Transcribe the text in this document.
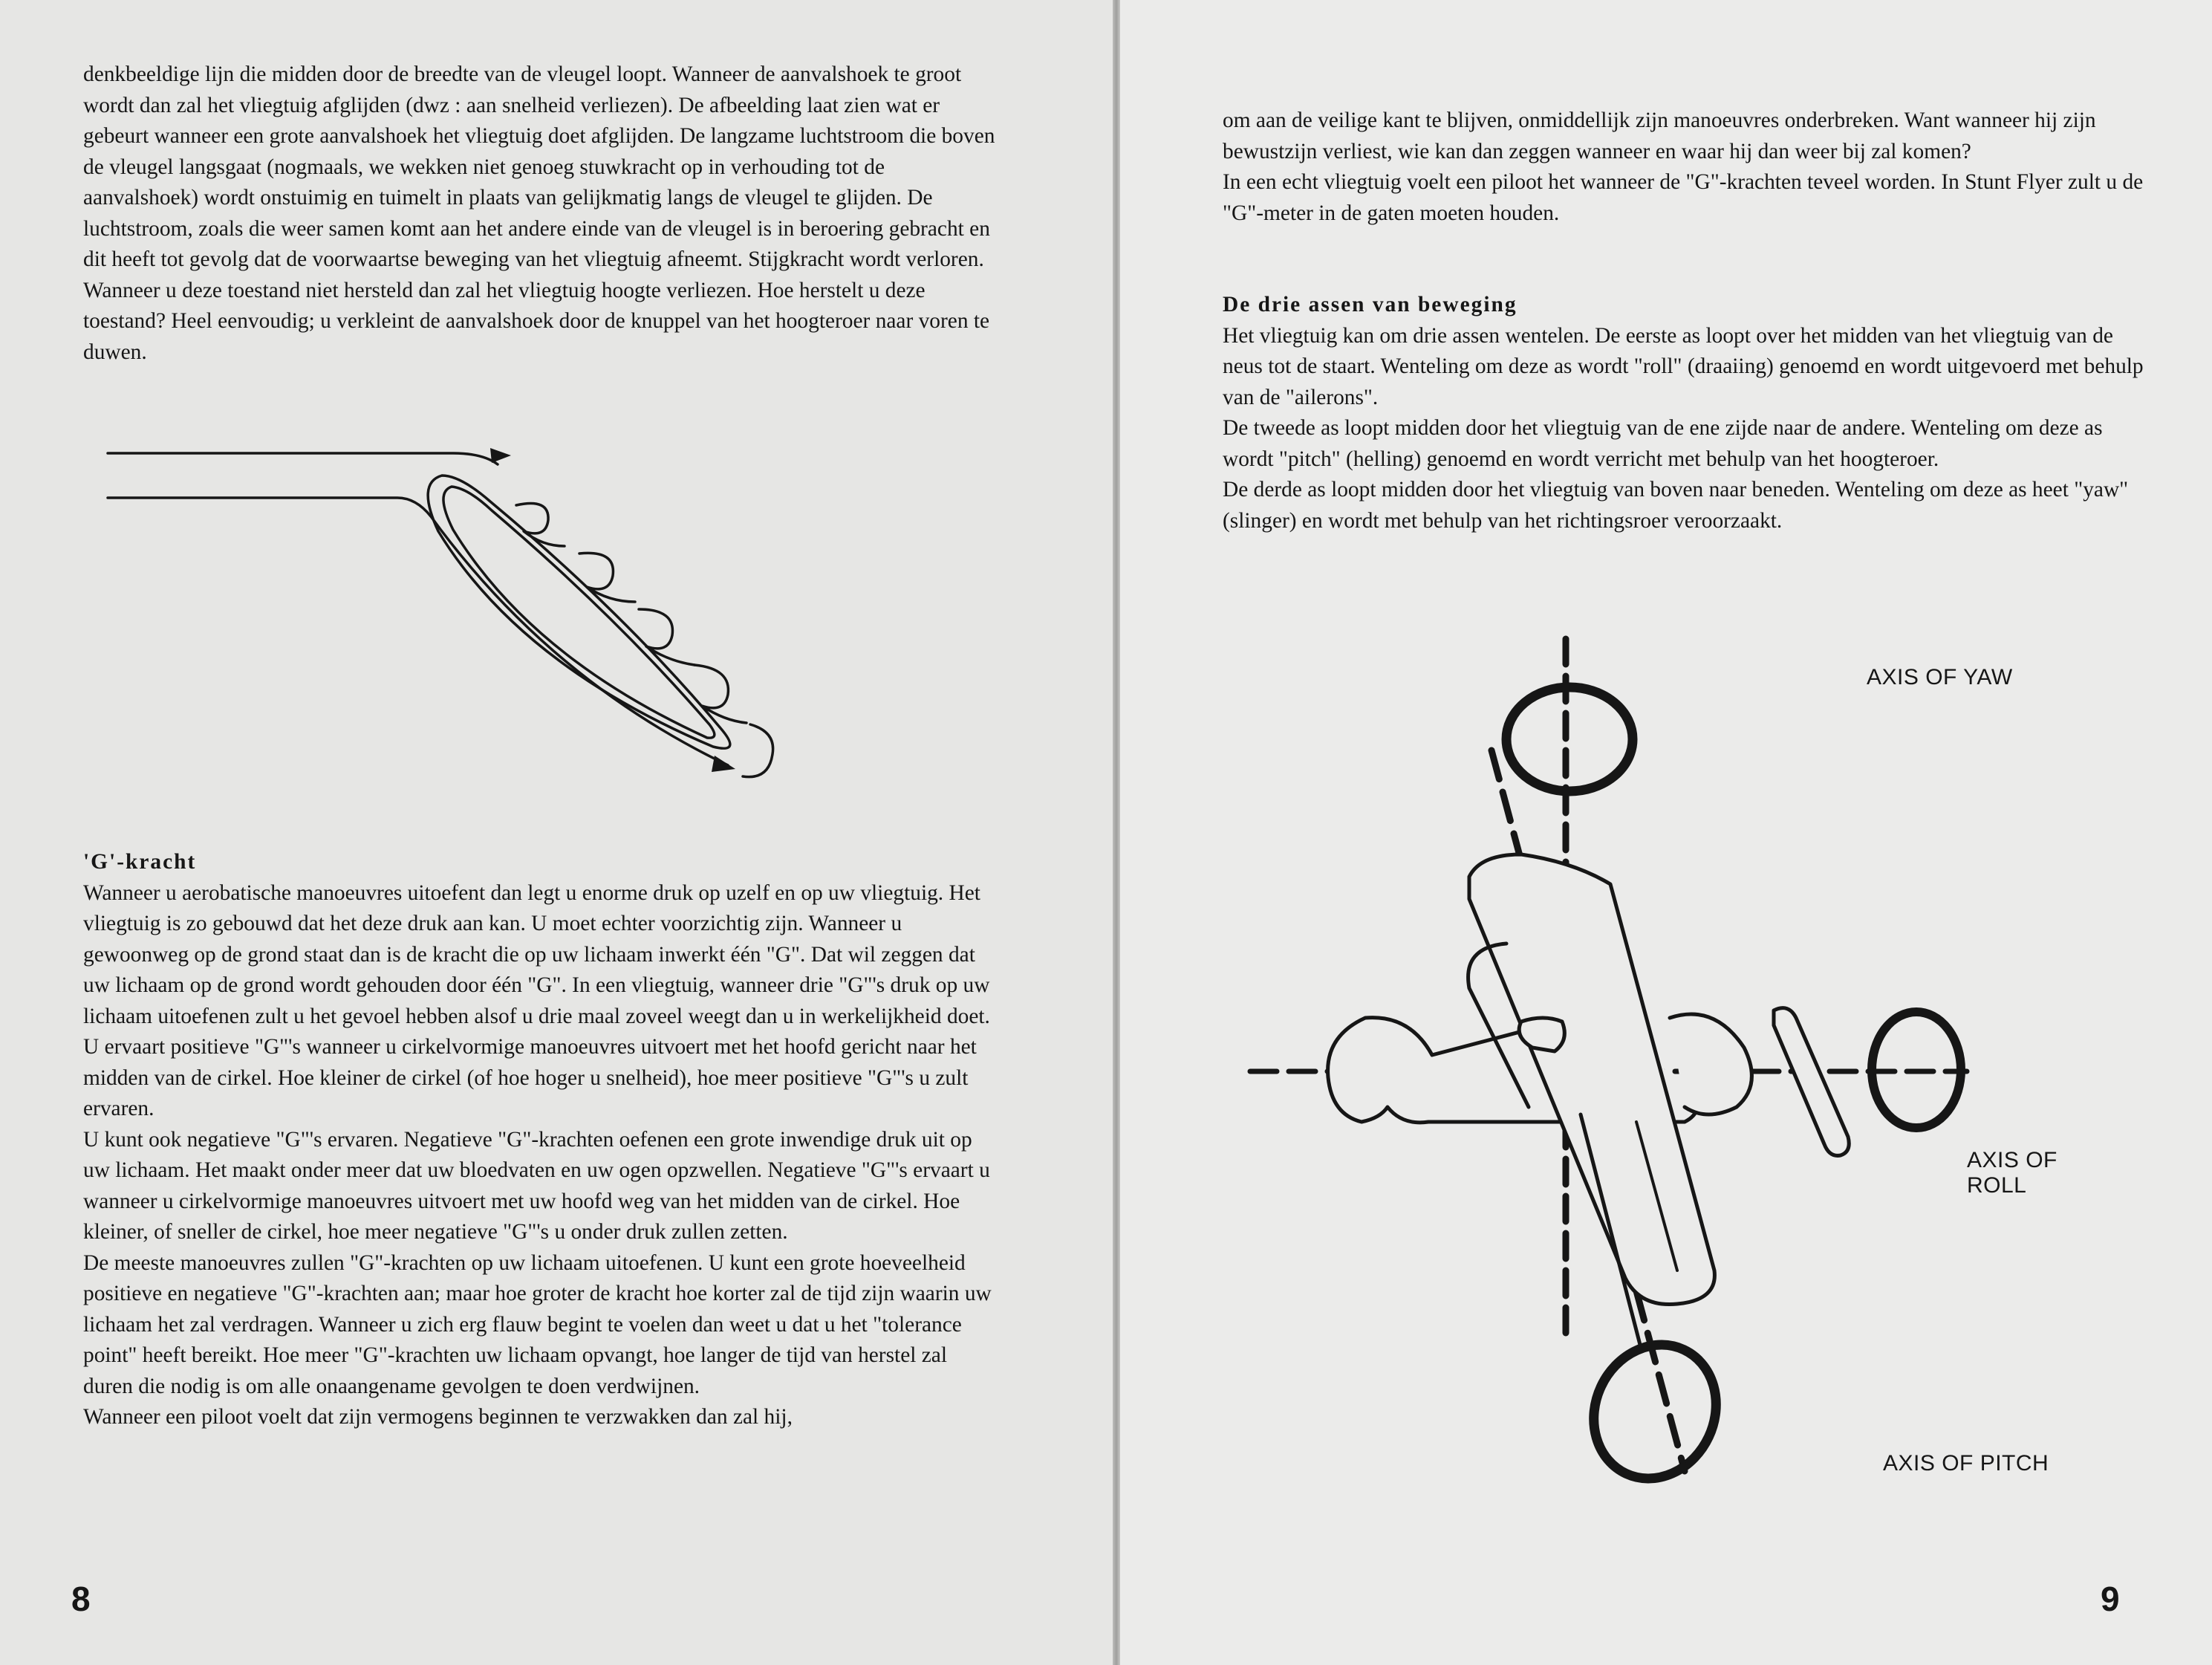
denkbeeldige lijn die midden door de breedte van de vleugel loopt. Wanneer de aanvalshoek te groot wordt dan zal het vliegtuig afglijden (dwz : aan snelheid verliezen). De afbeelding laat zien wat er gebeurt wanneer een grote aanvalshoek het vliegtuig doet afglijden. De langzame luchtstroom die boven de vleugel langsgaat (nogmaals, we wekken niet genoeg stuwkracht op in verhouding tot de aanvalshoek) wordt onstuimig en tuimelt in plaats van gelijkmatig langs de vleugel te glijden. De luchtstroom, zoals die weer samen komt aan het andere einde van de vleugel is in beroering gebracht en dit heeft tot gevolg dat de voorwaartse beweging van het vliegtuig afneemt. Stijgkracht wordt verloren. Wanneer u deze toestand niet hersteld dan zal het vliegtuig hoogte verliezen. Hoe herstelt u deze toestand? Heel eenvoudig; u verkleint de aanvalshoek door de knuppel van het hoogteroer naar voren te duwen.

'G'-kracht

Wanneer u aerobatische manoeuvres uitoefent dan legt u enorme druk op uzelf en op uw vliegtuig. Het vliegtuig is zo gebouwd dat het deze druk aan kan. U moet echter voorzichtig zijn. Wanneer u gewoonweg op de grond staat dan is de kracht die op uw lichaam inwerkt één "G". Dat wil zeggen dat uw lichaam op de grond wordt gehouden door één "G". In een vliegtuig, wanneer drie "G"'s druk op uw lichaam uitoefenen zult u het gevoel hebben alsof u drie maal zoveel weegt dan u in werkelijkheid doet. U ervaart positieve "G"'s wanneer u cirkelvormige manoeuvres uitvoert met het hoofd gericht naar het midden van de cirkel. Hoe kleiner de cirkel (of hoe hoger u snelheid), hoe meer positieve "G"'s u zult ervaren.

U kunt ook negatieve "G"'s ervaren. Negatieve "G"-krachten oefenen een grote inwendige druk uit op uw lichaam. Het maakt onder meer dat uw bloedvaten en uw ogen opzwellen. Negatieve "G"'s ervaart u wanneer u cirkelvormige manoeuvres uitvoert met uw hoofd weg van het midden van de cirkel. Hoe kleiner, of sneller de cirkel, hoe meer negatieve "G"'s u onder druk zullen zetten.

De meeste manoeuvres zullen "G"-krachten op uw lichaam uitoefenen. U kunt een grote hoeveelheid positieve en negatieve "G"-krachten aan; maar hoe groter de kracht hoe korter zal de tijd zijn waarin uw lichaam het zal verdragen. Wanneer u zich erg flauw begint te voelen dan weet u dat u het "tolerance point" heeft bereikt. Hoe meer "G"-krachten uw lichaam opvangt, hoe langer de tijd van herstel zal duren die nodig is om alle onaangename gevolgen te doen verdwijnen.

Wanneer een piloot voelt dat zijn vermogens beginnen te verzwakken dan zal hij,

8

om aan de veilige kant te blijven, onmiddellijk zijn manoeuvres onderbreken. Want wanneer hij zijn bewustzijn verliest, wie kan dan zeggen wanneer en waar hij dan weer bij zal komen?

In een echt vliegtuig voelt een piloot het wanneer de "G"-krachten teveel worden. In Stunt Flyer zult u de "G"-meter in de gaten moeten houden.

De drie assen van beweging

Het vliegtuig kan om drie assen wentelen. De eerste as loopt over het midden van het vliegtuig van de neus tot de staart. Wenteling om deze as wordt "roll" (draaiing) genoemd en wordt uitgevoerd met behulp van de "ailerons".

De tweede as loopt midden door het vliegtuig van de ene zijde naar de andere. Wenteling om deze as wordt "pitch" (helling) genoemd en wordt verricht met behulp van het hoogteroer.

De derde as loopt midden door het vliegtuig van boven naar beneden. Wenteling om deze as heet "yaw" (slinger) en wordt met behulp van het richtingsroer veroorzaakt.

AXIS OF YAW
AXIS OF ROLL
AXIS OF PITCH
9
